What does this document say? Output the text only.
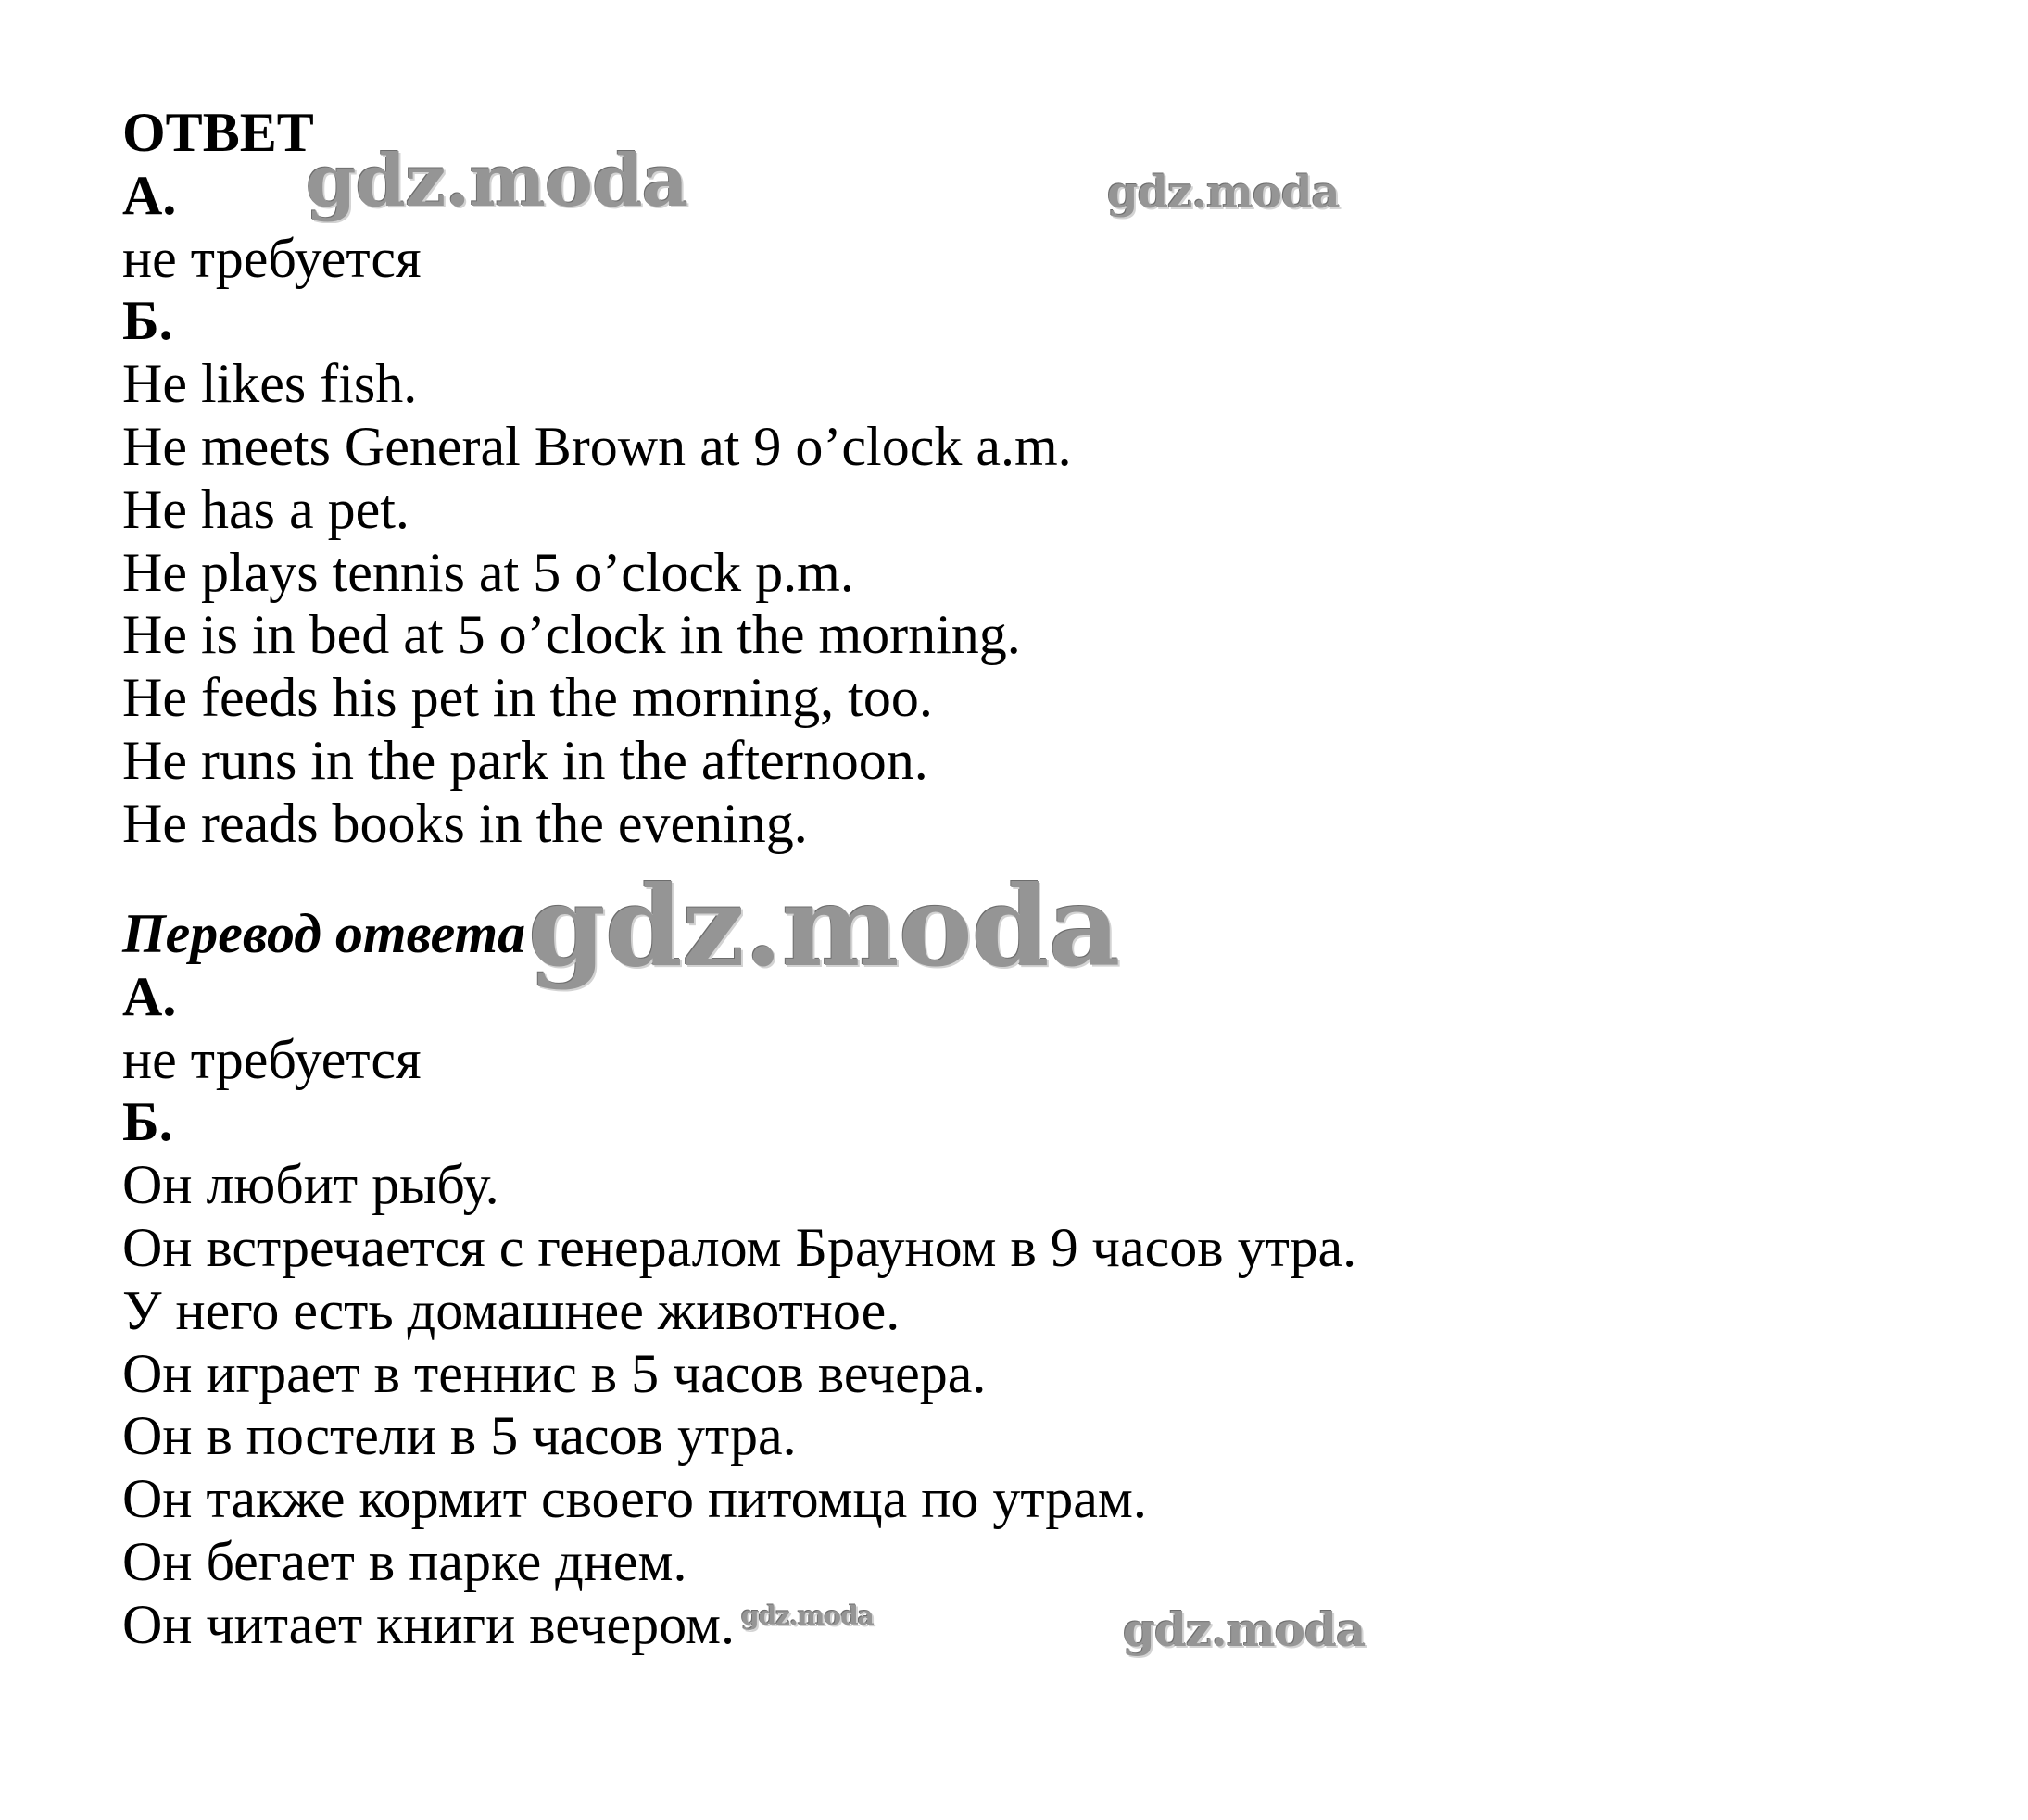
ОТВЕТ
А.
не требуется
Б.
He likes fish.
He meets General Brown at 9 o’clock a.m.
He has a pet.
He plays tennis at 5 o’clock p.m.
He is in bed at 5 o’clock in the morning.
He feeds his pet in the morning, too.
He runs in the park in the afternoon.
He reads books in the evening.
Перевод ответа
А.
не требуется
Б.
Он любит рыбу.
Он встречается с генералом Брауном в 9 часов утра.
У него есть домашнее животное.
Он играет в теннис в 5 часов вечера.
Он в постели в 5 часов утра.
Он также кормит своего питомца по утрам.
Он бегает в парке днем.
Он читает книги вечером.
gdz.moda	gdz.moda
gdz.moda
gdz.moda	gdz.moda
